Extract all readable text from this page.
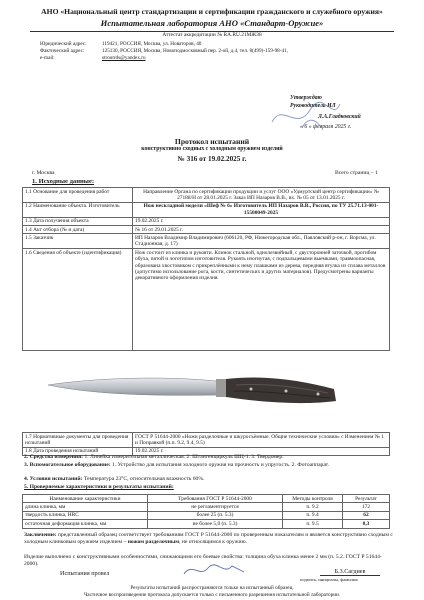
АНО «Национальный центр стандартизации и сертификации гражданского и служебного оружия»
Испытательная лаборатория АНО «Стандарт-Оружие»
Аттестат аккредитации № RA.RU.21МЖ38
Юридический адрес:	119421, РОССИЯ, Москва, ул. Новаторов, 40
Фактический адрес:	125130, РОССИЯ, Москва, Новоподмосковный пер. 2-ой, д.4, тел. 8(499)-159-98-41,
e-mail:	stroutrds@yandex.ru
Утверждаю
Руководитель ИЛ
Л.А.Гладковский
« 6 » февраля 2025 г.
Протокол испытаний
конструктивно сходных с холодным оружием изделий
№ 316 от 19.02.2025 г.
г. Москва	Всего страниц – 1
1. Исходные данные:
1.1 Основание для проведения работ	Направление Органа по сертификации продукции и услуг ООО «Удмуртский центр сертификации» № 27188/Н от 28.01.2025 г. Заказ ИП Назаров В.В., вх. № 05 от 13.01.2025 г.
1.2 Наименование объекта. Изготовитель	Нож нескладной модели «Шеф № 6» Изготовитель ИП Назаров В.В., Россия, по ТУ 25.71.13-001-15500049-2025
1.3 Дата получения объекта	19.02.2025 г.
1.4 Акт отбора (№ и дата)	№ 16 от 29.01.2025 г.
1.5 Заказчик	ИП Назаров Владимир Владимирович (606120, РФ, Нижегородская обл., Павловский р-он, г. Ворсма, ул. Стадионная, д. 17)
1.6 Сведения об объекте (идентификация)	Нож состоит из клинка и рукояти. Клинок стальной, однолезвийный, с двусторонней заточкой, прогибом обуха, пятой и логотипом изготовителя. Рукоять изогнутая, с подпальцевыми выемками, травмоопасная, образована хвостовиком с прикреплёнными к нему плашками из дерева, передняя втулка из сплава металлов (допустимо использование рога, кости, синтетических и других материалов). Предусмотрены варианты декоративного оформления изделия.
1.7 Нормативные документы для проведения испытаний	ГОСТ Р 51644-2000 «Ножи разделочные и шкуросъёмные. Общие технические условия» с Изменением № 1 и Поправкой (п.п. 9.2, 9.4, 9.5)
1.8 Дата проведения испытаний	19.02.2025 г.
2. Средства измерения: 1. Линейка измерительная металлическая. 2. Штангенциркуль ШЦ-1. 3. Твердомер.
3. Вспомогательное оборудование: 1. Устройство для испытания холодного оружия на прочность и упругость. 2. Фотоаппарат.
4. Условия испытаний: Температура 23°С, относительная влажность 60%.
5. Проверяемые характеристики и результаты испытаний:
Наименование характеристики	Требования ГОСТ Р 51644-2000	Методы контроля	Результат
длина клинка, мм	не регламентируется	п. 9.2	172
твердость клинка, HRC	более 25 (п. 5.3)	п. 9.4	62
остаточная деформация клинка, мм	не более 5,0 (п. 5.3)	п. 9.5	0,3
Заключение: представленный образец соответствует требованиям ГОСТ Р 51644-2000 по проверенным показателям и является конструктивно сходным с холодным клинковым оружием изделием – ножом разделочным, не относящимся к оружию.
Изделие выполнено с конструктивными особенностями, снижающими его боевые свойства: толщина обуха клинка менее 2 мм (п. 5.2. ГОСТ Р 51644-2000).
Испытания провел	Б.З.Сагдиев
подпись, инициалы, фамилия
Результаты испытаний распространяются только на испытанный образец.
Частичное воспроизведение протокола допускается только с письменного разрешения испытательной лаборатории.
